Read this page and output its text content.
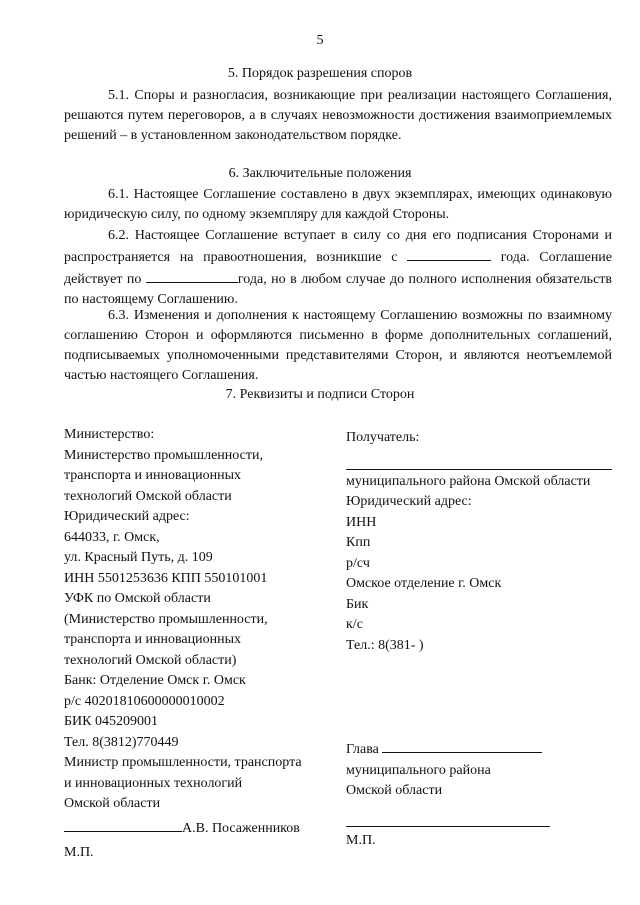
5
5. Порядок разрешения споров
5.1. Споры и разногласия, возникающие при реализации настоящего Соглашения, решаются путем переговоров, а в случаях невозможности достижения взаимоприемлемых решений – в установленном законодательством порядке.
6. Заключительные положения
6.1. Настоящее Соглашение составлено в двух экземплярах, имеющих одинаковую юридическую силу, по одному экземпляру для каждой Стороны.
6.2. Настоящее Соглашение вступает в силу со дня его подписания Сторонами и распространяется на правоотношения, возникшие с	года. Соглашение действует по	года, но в любом случае до полного исполнения обязательств по настоящему Соглашению.
6.3. Изменения и дополнения к настоящему Соглашению возможны по взаимному соглашению Сторон и оформляются письменно в форме дополнительных соглашений, подписываемых уполномоченными представителями Сторон, и являются неотъемлемой частью настоящего Соглашения.
7. Реквизиты и подписи Сторон
Министерство:
Министерство промышленности,
транспорта и инновационных
технологий Омской области
Юридический адрес:
644033, г. Омск,
ул. Красный Путь, д. 109
ИНН 5501253636 КПП 550101001
УФК по Омской области
(Министерство промышленности,
транспорта и инновационных
технологий Омской области)
Банк: Отделение Омск г. Омск
р/с 40201810600000010002
БИК 045209001
Тел. 8(3812)770449
Министр промышленности, транспорта
и инновационных технологий
Омской области
А.В. Посаженников
М.П.
Получатель:
муниципального района Омской области
Юридический адрес:
ИНН
Кпп
р/сч
Омское отделение г. Омск
Бик
к/с
Тел.: 8(381- )
Глава
муниципального района
Омской области
М.П.
